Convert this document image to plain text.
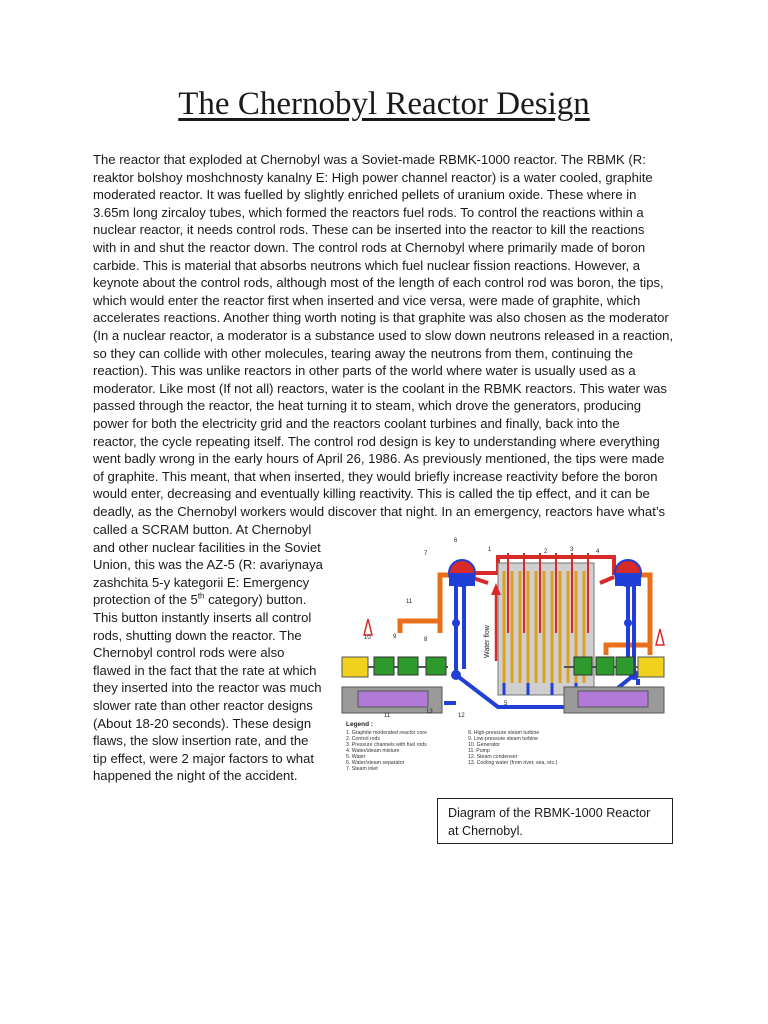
The Chernobyl Reactor Design

The reactor that exploded at Chernobyl was a Soviet-made RBMK-1000 reactor. The RBMK (R:
reaktor bolshoy moshchnosty kanalny E: High power channel reactor) is a water cooled, graphite
moderated reactor. It was fuelled by slightly enriched pellets of uranium oxide. These where in
3.65m long zircaloy tubes, which formed the reactors fuel rods. To control the reactions within a
nuclear reactor, it needs control rods. These can be inserted into the reactor to kill the reactions
with in and shut the reactor down. The control rods at Chernobyl where primarily made of boron
carbide. This is material that absorbs neutrons which fuel nuclear fission reactions. However, a
keynote about the control rods, although most of the length of each control rod was boron, the tips,
which would enter the reactor first when inserted and vice versa, were made of graphite, which
accelerates reactions. Another thing worth noting is that graphite was also chosen as the moderator
(In a nuclear reactor, a moderator is a substance used to slow down neutrons released in a reaction,
so they can collide with other molecules, tearing away the neutrons from them, continuing the
reaction). This was unlike reactors in other parts of the world where water is usually used as a
moderator. Like most (If not all) reactors, water is the coolant in the RBMK reactors. This water was
passed through the reactor, the heat turning it to steam, which drove the generators, producing
power for both the electricity grid and the reactors coolant turbines and finally, back into the
reactor, the cycle repeating itself. The control rod design is key to understanding where everything
went badly wrong in the early hours of April 26, 1986. As previously mentioned, the tips were made
of graphite. This meant, that when inserted, they would briefly increase reactivity before the boron
would enter, decreasing and eventually killing reactivity. This is called the tip effect, and it can be
deadly, as the Chernobyl workers would discover that night. In an emergency, reactors have what’s

called a SCRAM button. At Chernobyl
and other nuclear facilities in the Soviet
Union, this was the AZ-5 (R: avariynaya
zashchita 5-y kategorii E: Emergency
protection of the 5th category) button.
This button instantly inserts all control
rods, shutting down the reactor. The
Chernobyl control rods were also
flawed in the fact that the rate at which
they inserted into the reactor was much
slower rate than other reactor designs
(About 18-20 seconds). These design
flaws, the slow insertion rate, and the
tip effect, were 2 major factors to what
happened the night of the accident.

Water flow
1	2	3	4
5
6
7
8
9
10
11
12
13
11
Legend :
1. Graphite moderated reactor core
2. Control rods
3. Pressure channels with fuel rods
4. Water/steam mixture
5. Water
6. Water/steam separator
7. Steam inlet
8. High-pressure steam turbine
9. Low-pressure steam turbine
10. Generator
11. Pump
12. Steam condenser
13. Cooling water (from river, sea, etc.)
Diagram of the RBMK-1000 Reactor
at Chernobyl.
